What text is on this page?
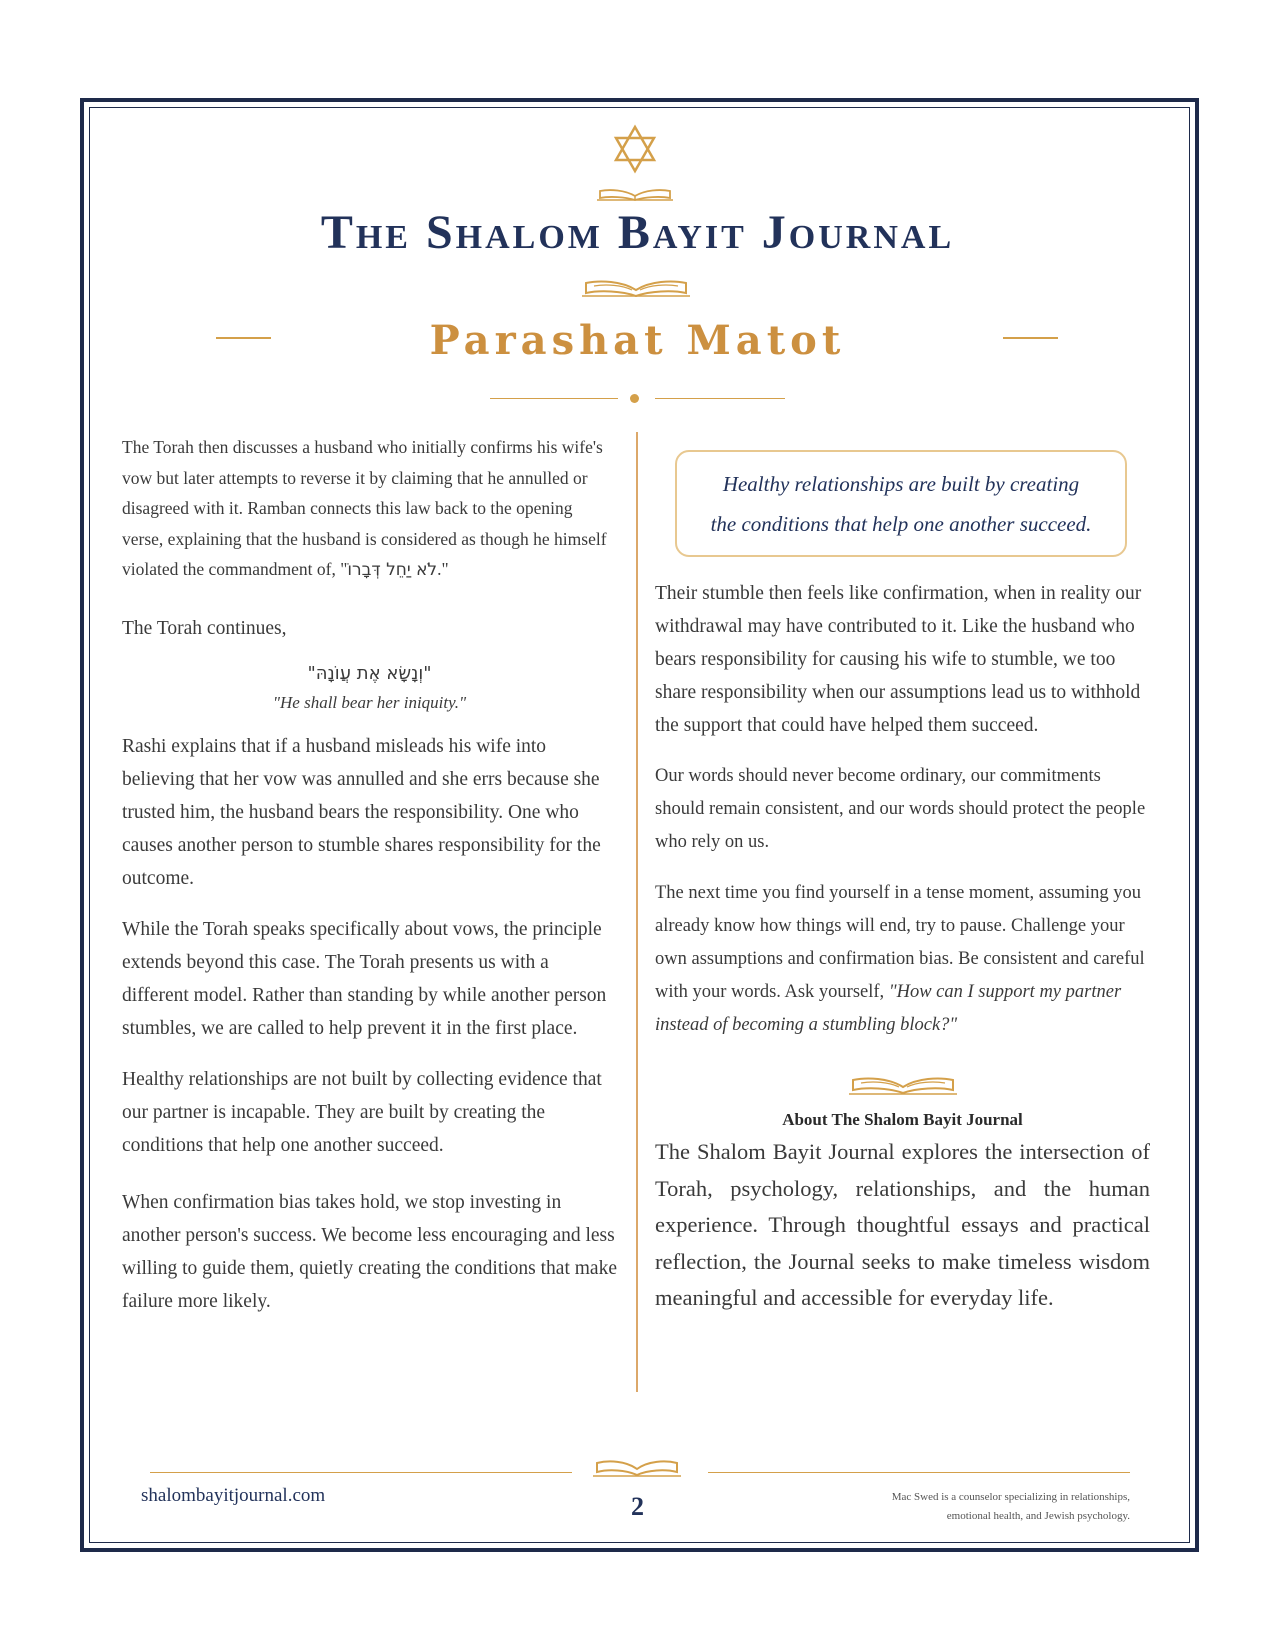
The Shalom Bayit Journal
Parashat Matot

The Torah then discusses a husband who initially confirms his wife's vow but later attempts to reverse it by claiming that he annulled or disagreed with it. Ramban connects this law back to the opening verse, explaining that the husband is considered as though he himself violated the commandment of, "לֹא יַחֵל דְּבָרוֹ."

The Torah continues,

"וְנָשָׂא אֶת עֲוֺנָהּ"

"He shall bear her iniquity."

Rashi explains that if a husband misleads his wife into believing that her vow was annulled and she errs because she trusted him, the husband bears the responsibility. One who causes another person to stumble shares responsibility for the outcome.

While the Torah speaks specifically about vows, the principle extends beyond this case. The Torah presents us with a different model. Rather than standing by while another person stumbles, we are called to help prevent it in the first place.

Healthy relationships are not built by collecting evidence that our partner is incapable. They are built by creating the conditions that help one another succeed.

When confirmation bias takes hold, we stop investing in another person's success. We become less encouraging and less willing to guide them, quietly creating the conditions that make failure more likely.

Healthy relationships are built by creating
the conditions that help one another succeed.

Their stumble then feels like confirmation, when in reality our withdrawal may have contributed to it. Like the husband who bears responsibility for causing his wife to stumble, we too share responsibility when our assumptions lead us to withhold the support that could have helped them succeed.

Our words should never become ordinary, our commitments should remain consistent, and our words should protect the people who rely on us.

The next time you find yourself in a tense moment, assuming you already know how things will end, try to pause. Challenge your own assumptions and confirmation bias. Be consistent and careful with your words. Ask yourself, "How can I support my partner instead of becoming a stumbling block?"

About The Shalom Bayit Journal

The Shalom Bayit Journal explores the intersection of Torah, psychology, relationships, and the human experience. Through thoughtful essays and practical reflection, the Journal seeks to make timeless wisdom meaningful and accessible for everyday life.

shalombayitjournal.com	2	Mac Swed is a counselor specializing in relationships,
emotional health, and Jewish psychology.
